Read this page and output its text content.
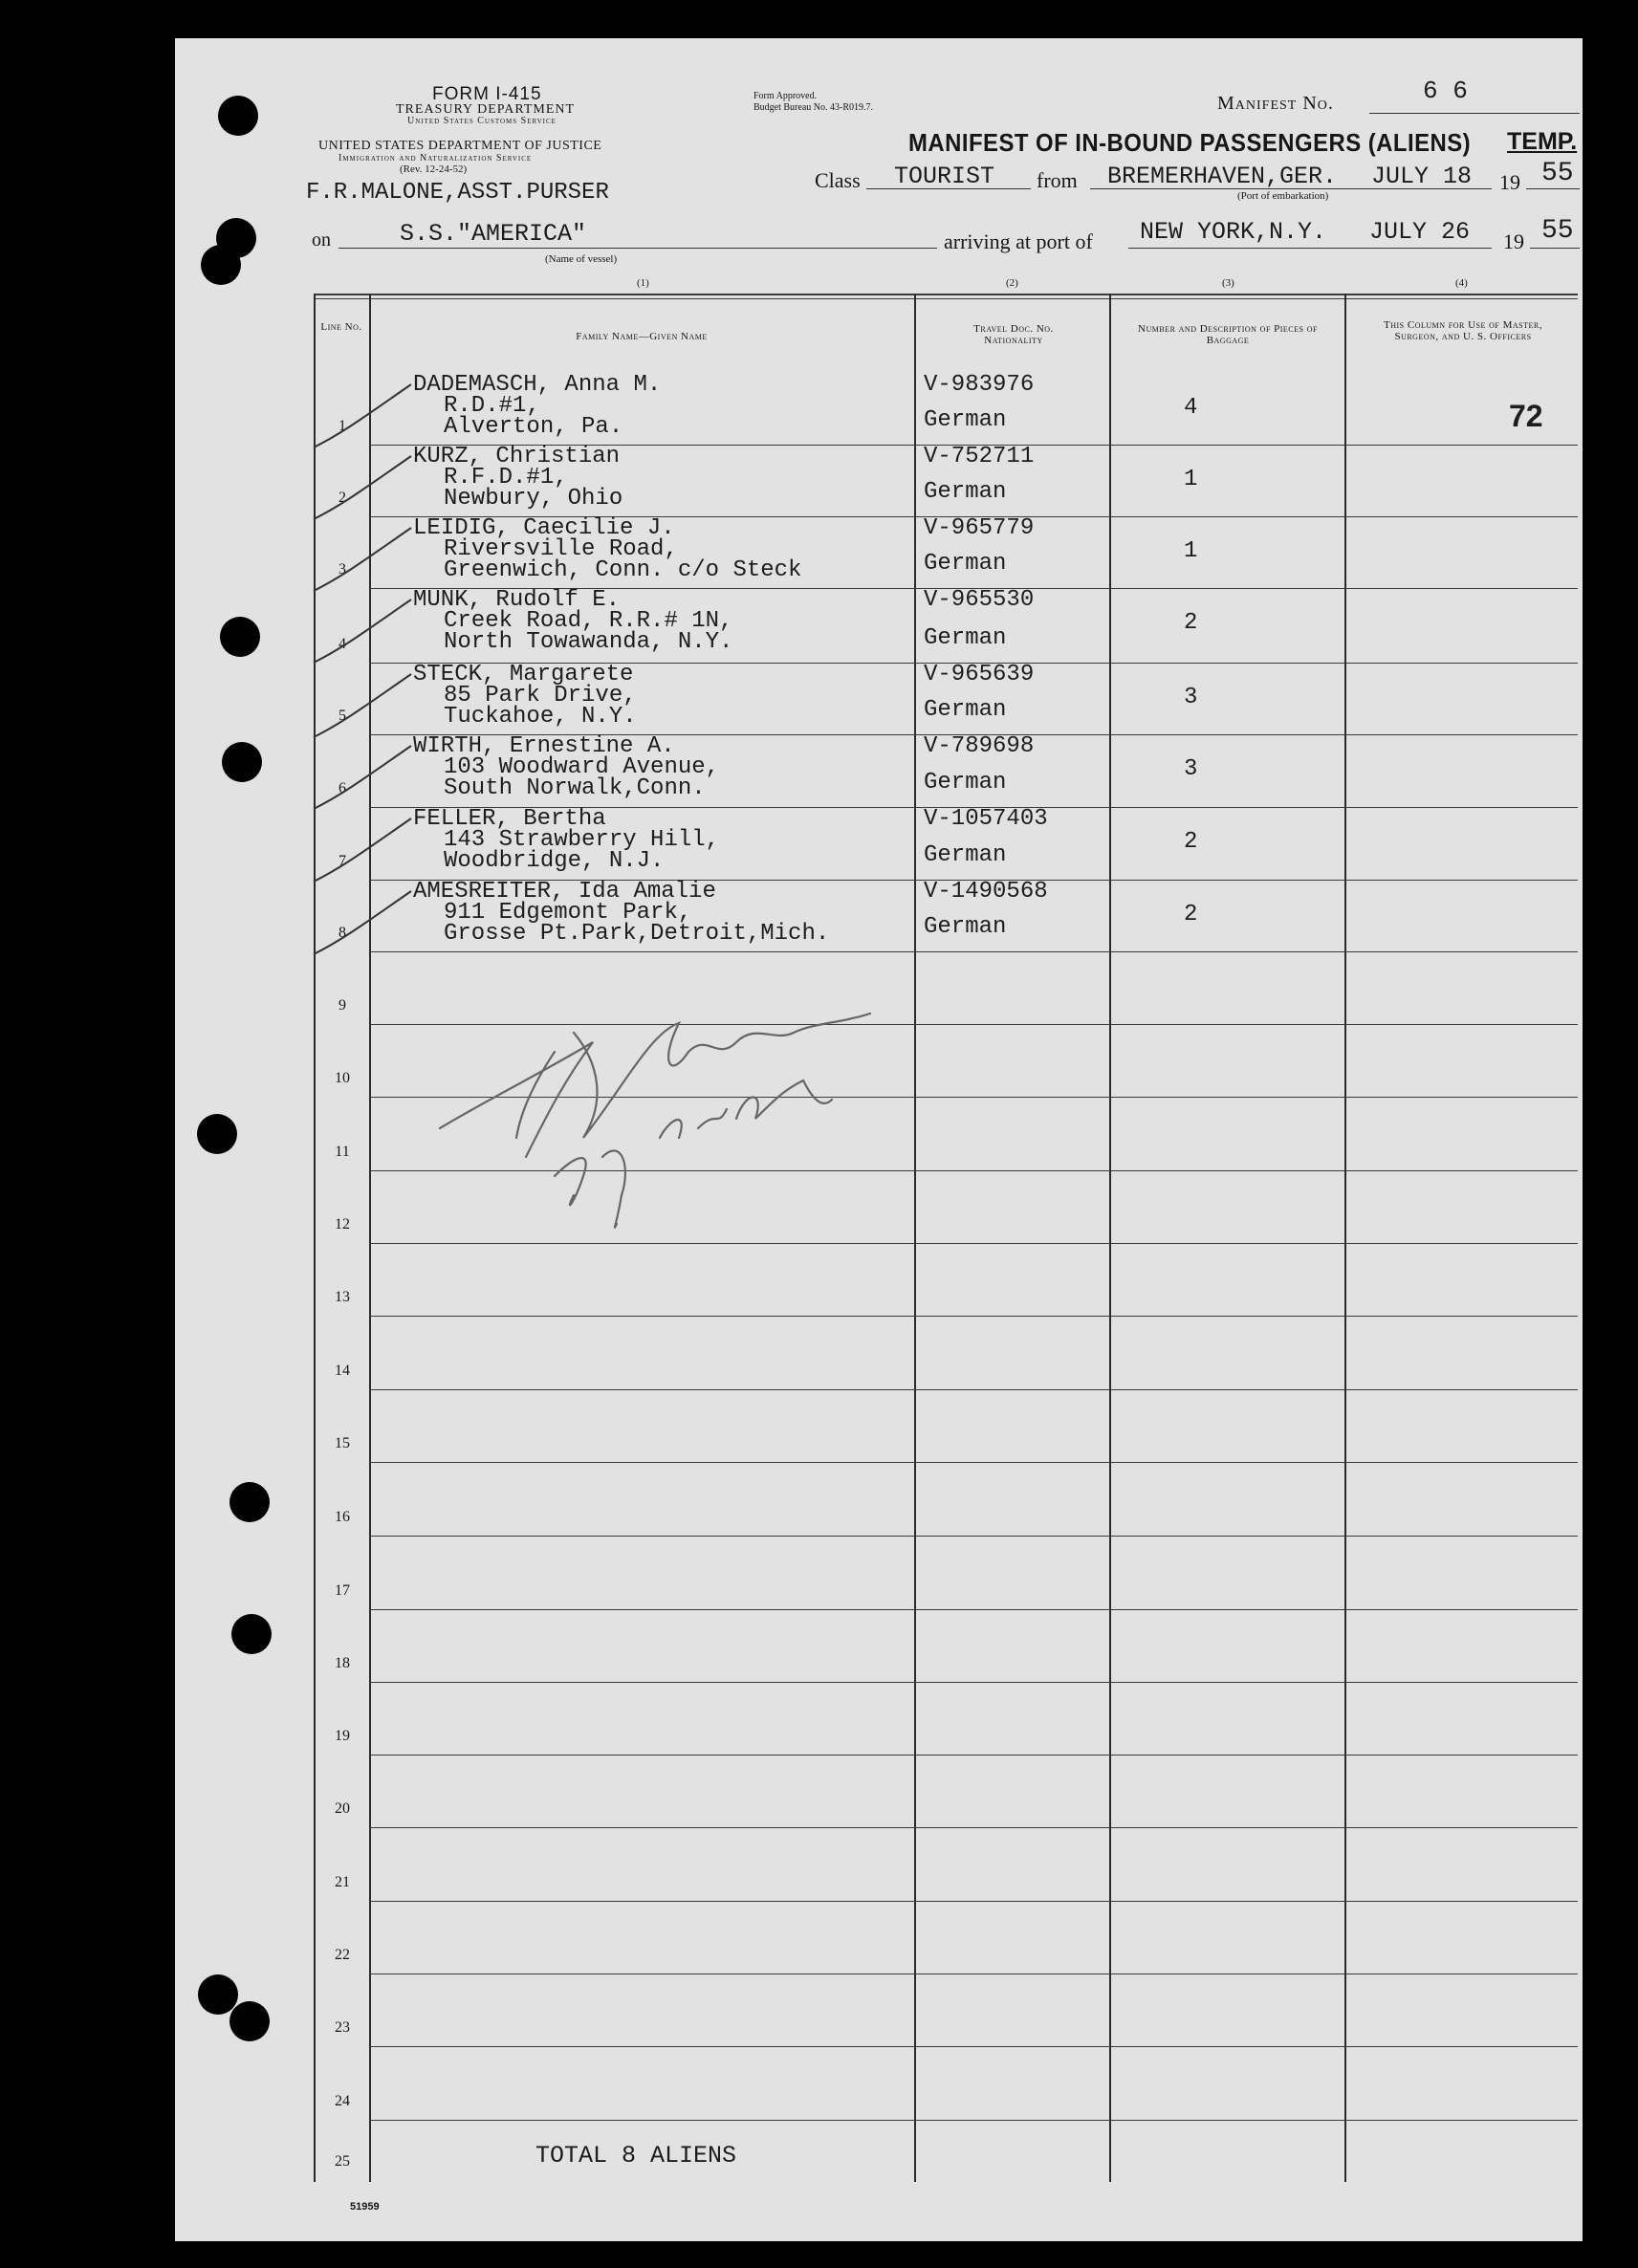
FORM I-415
TREASURY DEPARTMENT
United States Customs Service
UNITED STATES DEPARTMENT OF JUSTICE
Immigration and Naturalization Service
(Rev. 12-24-52)
F.R.MALONE,ASST.PURSER
Form Approved.
Budget Bureau No. 43-R019.7.	Manifest No.	6 6
MANIFEST OF IN-BOUND PASSENGERS (ALIENS) TEMP.
Class TOURIST from BREMERHAVEN,GER. JULY 18 19 55
(Port of embarkation)
on	S.S."AMERICA"
(Name of vessel)
arriving at port of NEW YORK,N.Y. JULY 26 19 55
(1)	(2)	(3)	(4)
Line No.
Family Name—Given Name
Travel Doc. No. Nationality
Number and Description of Pieces of Baggage
This Column for Use of Master, Surgeon, and U. S. Officers
1
DADEMASCH, Anna M.
R.D.#1,
Alverton, Pa.
V-983976
German	4	72
2
KURZ, Christian
R.F.D.#1,
Newbury, Ohio
V-752711
German	1
3
LEIDIG, Caecilie J.
Riversville Road,
Greenwich, Conn. c/o Steck
V-965779
German	1
4
MUNK, Rudolf E.
Creek Road, R.R.# 1N,
North Towawanda, N.Y.
V-965530
German
2
5
STECK, Margarete
85 Park Drive,
Tuckahoe, N.Y.
V-965639
German	3
6
WIRTH, Ernestine A.
103 Woodward Avenue,
South Norwalk,Conn.
V-789698
German
3
7
FELLER, Bertha
143 Strawberry Hill,
Woodbridge, N.J.
V-1057403
German
2
8
AMESREITER, Ida Amalie
911 Edgemont Park,
Grosse Pt.Park,Detroit,Mich.
V-1490568
German	2
9
10
11
12
13
14
15
16
17
18
19
20
21
22
23
24
25	TOTAL 8 ALIENS
51959
